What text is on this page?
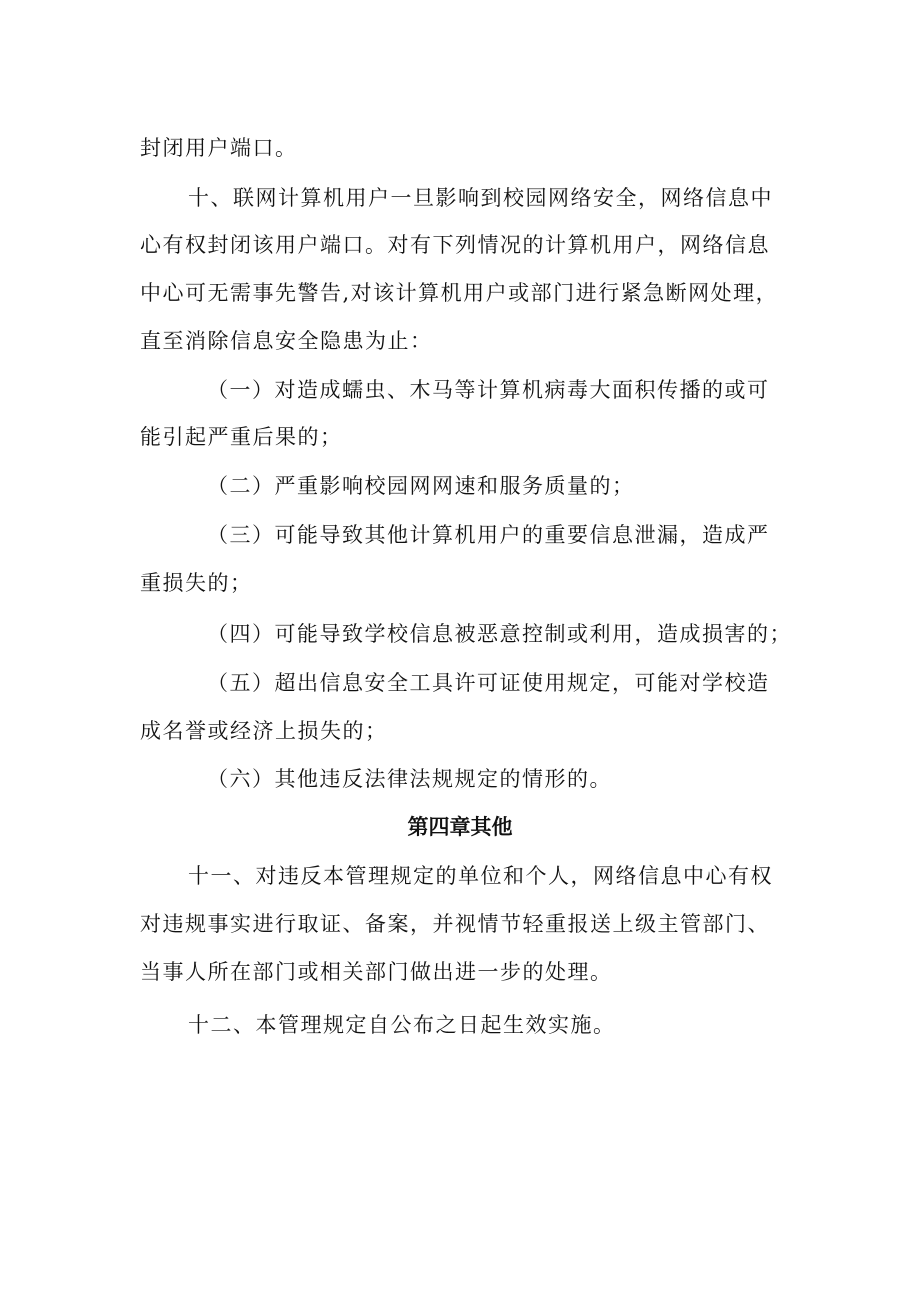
封闭用户端口。
十、联网计算机用户一旦影响到校园网络安全，网络信息中
心有权封闭该用户端口。对有下列情况的计算机用户，网络信息
中心可无需事先警告,对该计算机用户或部门进行紧急断网处理，
直至消除信息安全隐患为止：
（一）对造成蠕虫、木马等计算机病毒大面积传播的或可
能引起严重后果的；
（二）严重影响校园网网速和服务质量的；
（三）可能导致其他计算机用户的重要信息泄漏，造成严
重损失的；
（四）可能导致学校信息被恶意控制或利用，造成损害的；
（五）超出信息安全工具许可证使用规定，可能对学校造
成名誉或经济上损失的；
（六）其他违反法律法规规定的情形的。
第四章其他
十一、对违反本管理规定的单位和个人，网络信息中心有权
对违规事实进行取证、备案，并视情节轻重报送上级主管部门、
当事人所在部门或相关部门做出进一步的处理。
十二、本管理规定自公布之日起生效实施。
